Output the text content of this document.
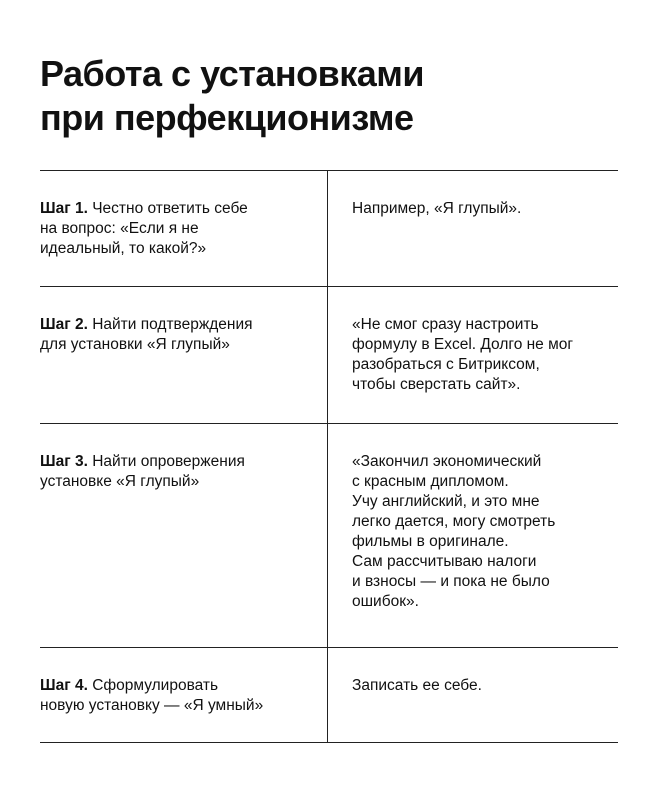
Работа с установками
при перфекционизме
Шаг 1. Честно ответить себе
на вопрос: «Если я не
идеальный, то какой?»
Например, «Я глупый».
Шаг 2. Найти подтверждения
для установки «Я глупый»
«Не смог сразу настроить
формулу в Excel. Долго не мог
разобраться с Битриксом,
чтобы сверстать сайт».
Шаг 3. Найти опровержения
установке «Я глупый»
«Закончил экономический
с красным дипломом.
Учу английский, и это мне
легко дается, могу смотреть
фильмы в оригинале.
Сам рассчитываю налоги
и взносы — и пока не было
ошибок».
Шаг 4. Сформулировать
новую установку — «Я умный»
Записать ее себе.
